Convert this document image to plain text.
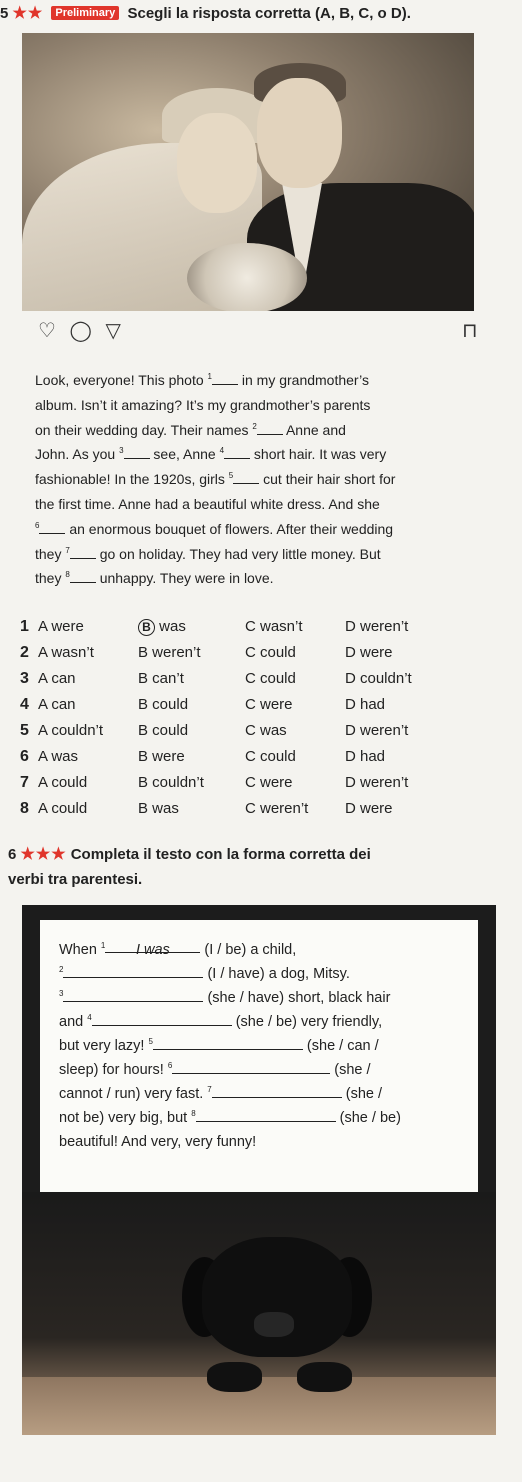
5 ★★ Preliminary Scegli la risposta corretta (A, B, C, o D).
♡ ◯ ▽	⊓

Look, everyone! This photo $^1$ in my grandmother’s

album. Isn’t it amazing? It’s my grandmother’s parents

on their wedding day. Their names $^2$ Anne and

John. As you $^3$ see, Anne $^4$ short hair. It was very

fashionable! In the 1920s, girls $^5$ cut their hair short for

the first time. Anne had a beautiful white dress. And she

$^6$ an enormous bouquet of flowers. After their wedding

they $^7$ go on holiday. They had very little money. But

they $^8$ unhappy. They were in love.

1 A were	B was	C wasn’t	D weren’t
2 A wasn’t	B weren’t	C could	D were
3 A can	B can’t	C could	D couldn’t
4 A can	B could	C were	D had
5 A couldn’t B could	C was	D weren’t
6 A was	B were	C could	D had
7 A could	B couldn’t	C were	D weren’t
8 A could	B was	C weren’t D were
6 ★★★ Completa il testo con la forma corretta dei
verbi tra parentesi.

When $^1$ I was (I / be) a child,

$^2$	(I / have) a dog, Mitsy.

$^3$	(she / have) short, black hair

and $^4$	(she / be) very friendly,

but very lazy! $^5$	(she / can /

sleep) for hours! $^6$	(she /

cannot / run) very fast. $^7$	(she /

not be) very big, but $^8$	(she / be)

beautiful! And very, very funny!
